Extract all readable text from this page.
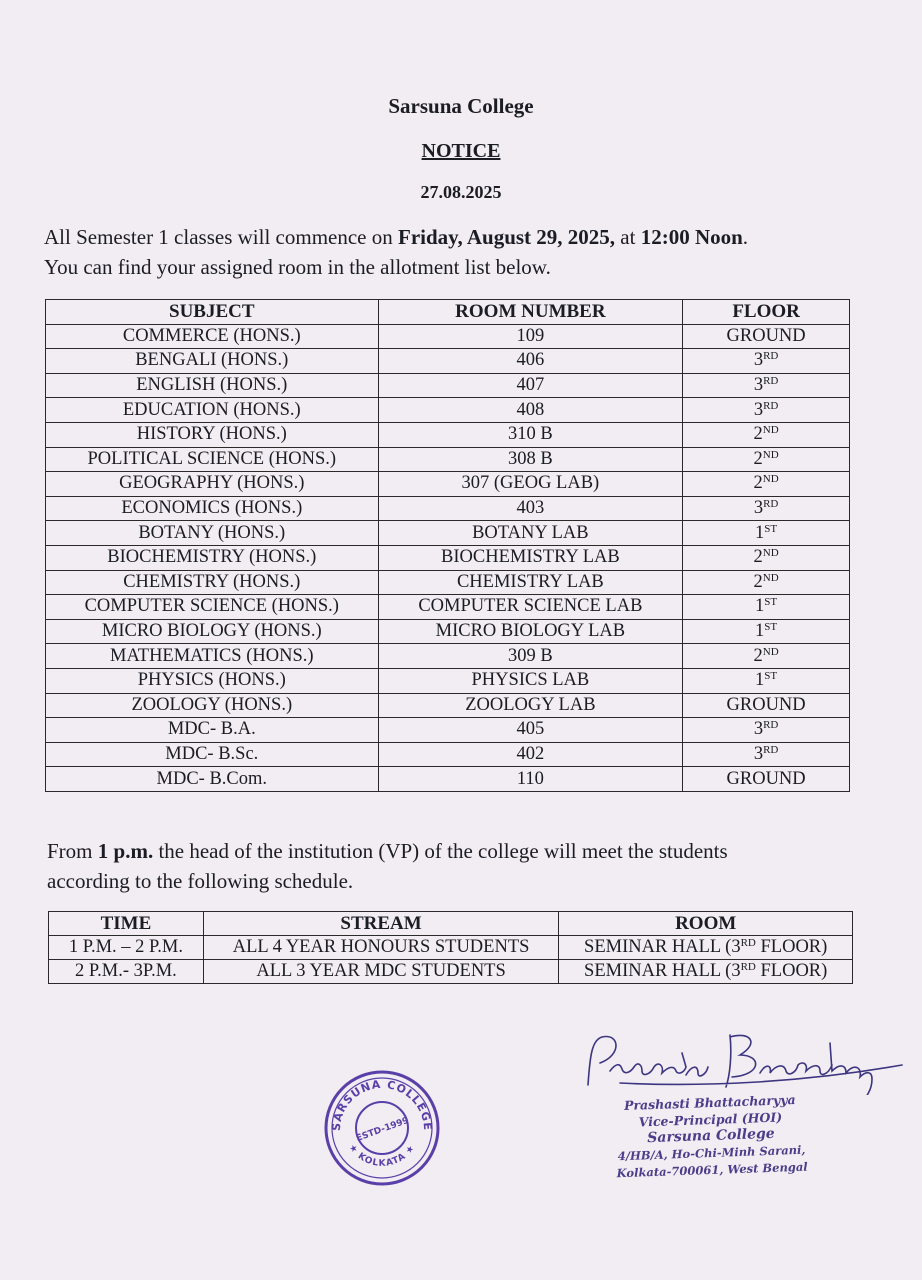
Sarsuna College
NOTICE
27.08.2025
All Semester 1 classes will commence on Friday, August 29, 2025, at 12:00 Noon.
You can find your assigned room in the allotment list below.
SUBJECT	ROOM NUMBER	FLOOR
COMMERCE (HONS.)	109	GROUND
BENGALI (HONS.)	406	3RD
ENGLISH (HONS.)	407	3RD
EDUCATION (HONS.)	408	3RD
HISTORY (HONS.)	310 B	2ND
POLITICAL SCIENCE (HONS.)	308 B	2ND
GEOGRAPHY (HONS.)	307 (GEOG LAB)	2ND
ECONOMICS (HONS.)	403	3RD
BOTANY (HONS.)	BOTANY LAB	1ST
BIOCHEMISTRY (HONS.)	BIOCHEMISTRY LAB	2ND
CHEMISTRY (HONS.)	CHEMISTRY LAB	2ND
COMPUTER SCIENCE (HONS.)	COMPUTER SCIENCE LAB	1ST
MICRO BIOLOGY (HONS.)	MICRO BIOLOGY LAB	1ST
MATHEMATICS (HONS.)	309 B	2ND
PHYSICS (HONS.)	PHYSICS LAB	1ST
ZOOLOGY (HONS.)	ZOOLOGY LAB	GROUND
MDC- B.A.	405	3RD
MDC- B.Sc.	402	3RD
MDC- B.Com.	110	GROUND
From 1 p.m. the head of the institution (VP) of the college will meet the students
according to the following schedule.
TIME	STREAM	ROOM
1 P.M. – 2 P.M.	ALL 4 YEAR HONOURS STUDENTS	SEMINAR HALL (3RD FLOOR)
2 P.M.- 3P.M.	ALL 3 YEAR MDC STUDENTS	SEMINAR HALL (3RD FLOOR)
Prashasti Bhattacharyya
Vice-Principal (HOI)
Sarsuna College
4/HB/A, Ho-Chi-Minh Sarani,
Kolkata-700061, West Bengal
SARSUNA COLLEGE
★ KOLKATA ★
ESTD-1999
